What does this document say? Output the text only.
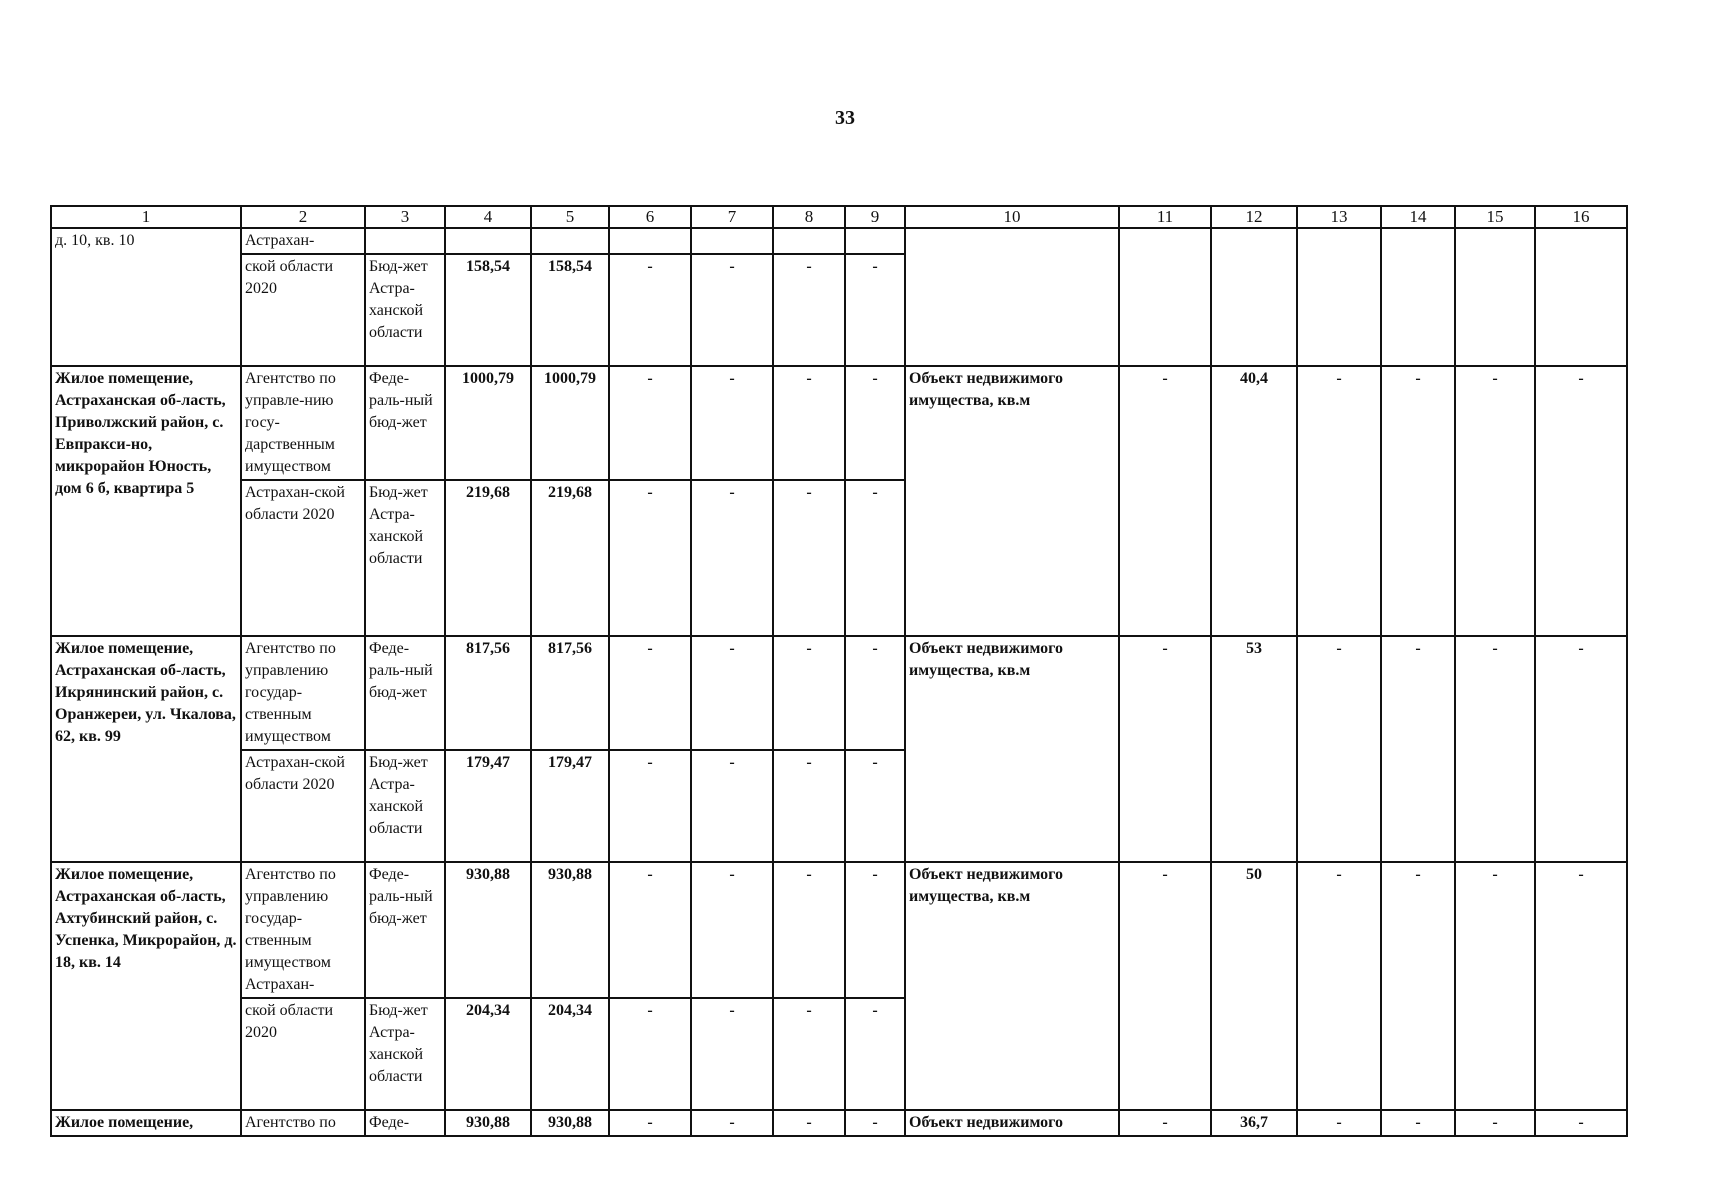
33
1	2	3	4	5	6	7	8	9	10	11	12	13	14	15	16
д. 10, кв. 10	Астрахан-														
	ской области 2020	Бюд-жет Астра-ханской области	158,54	158,54	-	-	-	-							
Жилое помещение, Астраханская об-ласть, Приволжский район, с. Евпракси-но, микрорайон Юность, дом 6 б, квартира 5	Агентство по управле-нию госу-дарственным имуществом	Феде-раль-ный бюд-жет	1000,79	1000,79	-	-	-	-	Объект недвижимого имущества, кв.м	-	40,4	-	-	-	-
	Астрахан-ской области 2020	Бюд-жет Астра-ханской области	219,68	219,68	-	-	-	-							
Жилое помещение, Астраханская об-ласть, Икрянинский район, с. Оранжереи, ул. Чкалова, 62, кв. 99	Агентство по управлению государ-ственным имуществом	Феде-раль-ный бюд-жет	817,56	817,56	-	-	-	-	Объект недвижимого имущества, кв.м	-	53	-	-	-	-
	Астрахан-ской области 2020	Бюд-жет Астра-ханской области	179,47	179,47	-	-	-	-							
Жилое помещение, Астраханская об-ласть, Ахтубинский район, с. Успенка, Микрорайон, д. 18, кв. 14	Агентство по управлению государ-ственным имуществом Астрахан-	Феде-раль-ный бюд-жет	930,88	930,88	-	-	-	-	Объект недвижимого имущества, кв.м	-	50	-	-	-	-
	ской области 2020	Бюд-жет Астра-ханской области	204,34	204,34	-	-	-	-							
Жилое помещение,	Агентство по	Феде-	930,88	930,88	-	-	-	-	Объект недвижимого	-	36,7	-	-	-	-
